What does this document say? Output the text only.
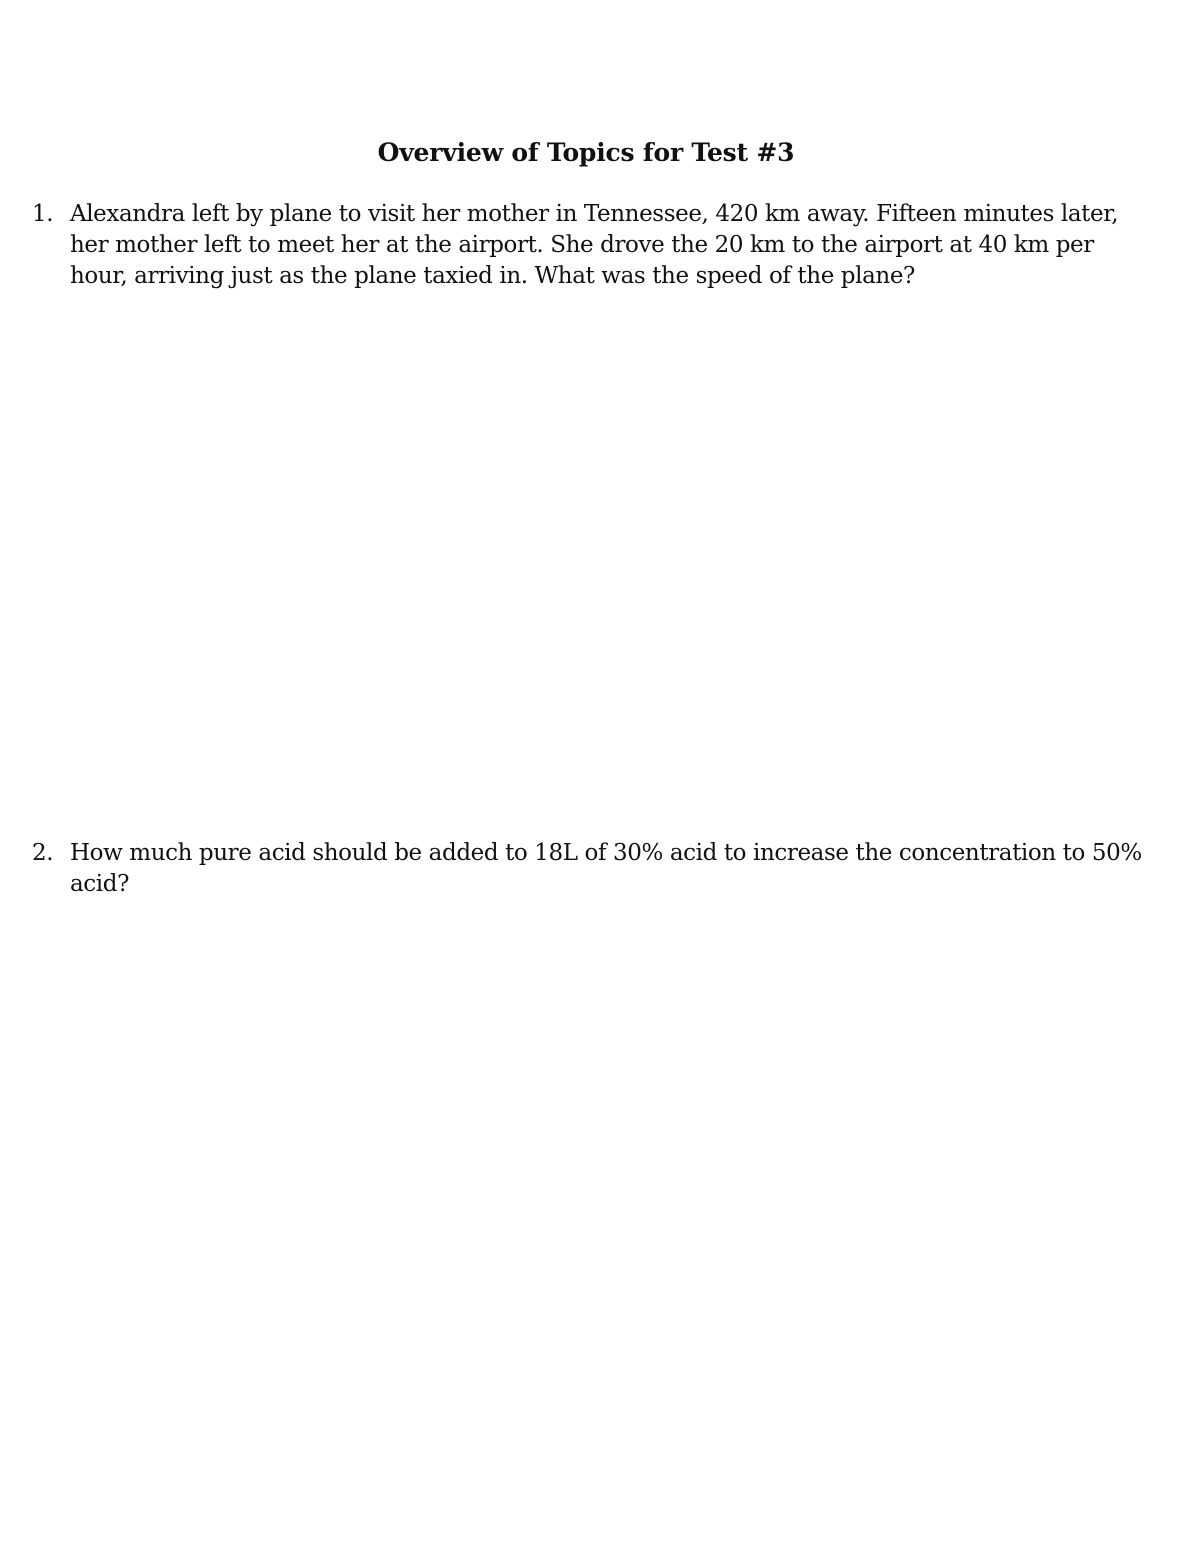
Overview of Topics for Test #3
1. Alexandra left by plane to visit her mother in Tennessee, 420 km away. Fifteen minutes later, her mother left to meet her at the airport. She drove the 20 km to the airport at 40 km per hour, arriving just as the plane taxied in. What was the speed of the plane?

2. How much pure acid should be added to 18L of 30% acid to increase the concentration to 50% acid?
